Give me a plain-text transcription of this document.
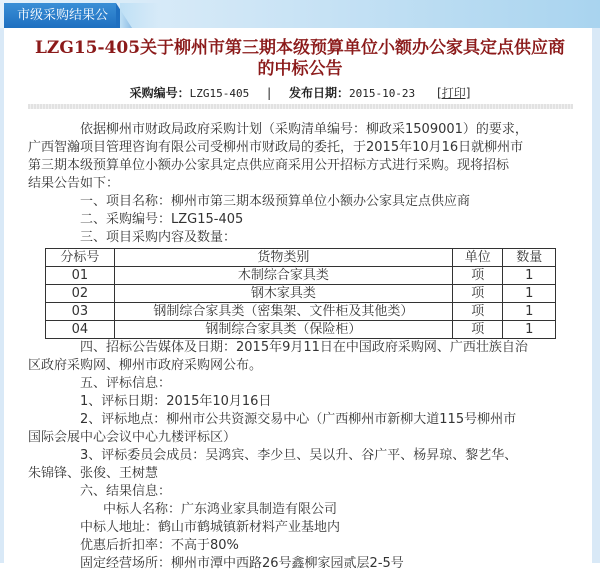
市级采购结果公告 LZG15-405关于柳州市第三期本级预算单位小额办公家具定点供应商
的中标公告
采购编号：LZG15-405 | 发布日期：2015-10-23 [打印]

依据柳州市财政局政府采购计划（采购清单编号：柳政采1509001）的要求，

广西智瀚项目管理咨询有限公司受柳州市财政局的委托，于2015年10月16日就柳州市

第三期本级预算单位小额办公家具定点供应商采用公开招标方式进行采购。现将招标

结果公告如下：

一、项目名称：柳州市第三期本级预算单位小额办公家具定点供应商

二、采购编号：LZG15-405

三、项目采购内容及数量：

分标号	货物类别	单位	数量
01	木制综合家具类	项	1
02	钢木家具类	项	1
03	钢制综合家具类（密集架、文件柜及其他类）	项	1
04	钢制综合家具类（保险柜）	项	1

四、招标公告媒体及日期：2015年9月11日在中国政府采购网、广西壮族自治

区政府采购网、柳州市政府采购网公布。

五、评标信息：

1、评标日期：2015年10月16日

2、评标地点：柳州市公共资源交易中心（广西柳州市新柳大道115号柳州市

国际会展中心会议中心九楼评标区）

3、评标委员会成员：吴鸿宾、李少旦、吴以升、谷广平、杨昇琼、黎艺华、

朱锦锋、张俊、王树慧

六、结果信息：

中标人名称：广东鸿业家具制造有限公司

中标人地址：鹤山市鹤城镇新材料产业基地内

优惠后折扣率：不高于80%

固定经营场所：柳州市潭中西路26号鑫柳家园贰层2-5号
